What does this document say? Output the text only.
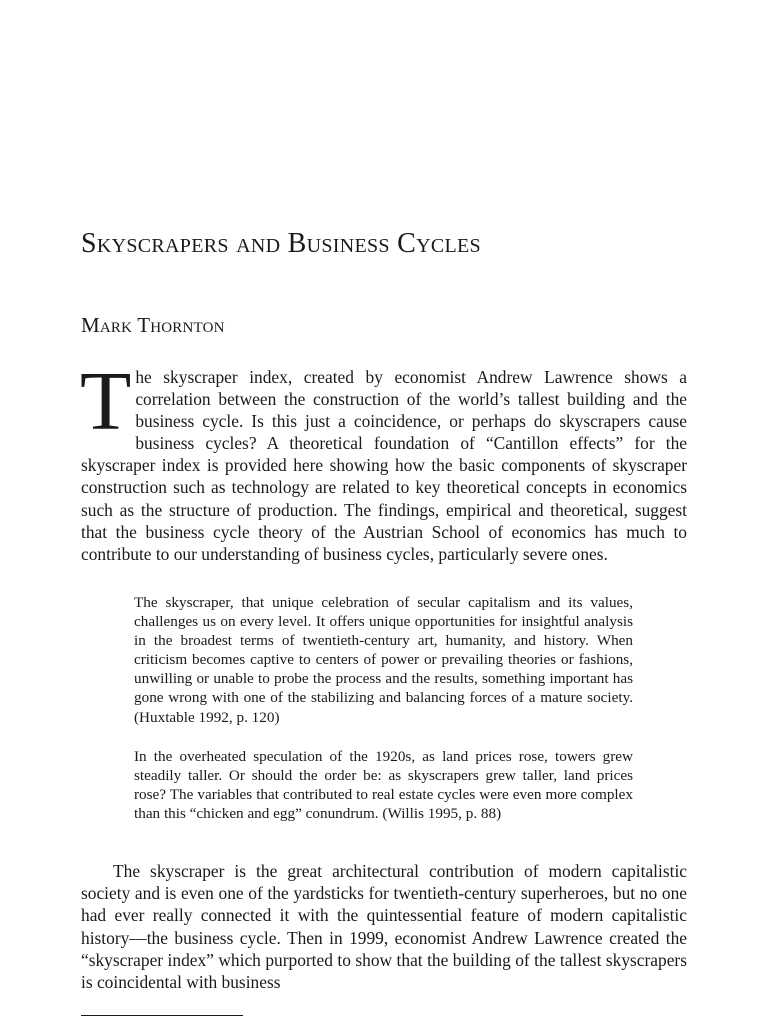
Skyscrapers and Business Cycles
Mark Thornton

The skyscraper index, created by economist Andrew Lawrence shows a correlation between the construction of the world’s tallest building and the business cycle. Is this just a coincidence, or perhaps do skyscrapers cause business cycles? A theoretical foundation of “Cantillon effects” for the skyscraper index is provided here showing how the basic components of skyscraper construction such as technology are related to key theoretical concepts in economics such as the structure of production. The findings, empirical and theoretical, suggest that the business cycle theory of the Austrian School of economics has much to contribute to our understanding of business cycles, particularly severe ones.

The skyscraper, that unique celebration of secular capitalism and its values, challenges us on every level. It offers unique opportunities for insightful analysis in the broadest terms of twentieth-century art, humanity, and history. When criticism becomes captive to centers of power or prevailing theories or fashions, unwilling or unable to probe the process and the results, something important has gone wrong with one of the stabilizing and balancing forces of a mature society. (Huxtable 1992, p. 120)

In the overheated speculation of the 1920s, as land prices rose, towers grew steadily taller. Or should the order be: as skyscrapers grew taller, land prices rose? The variables that contributed to real estate cycles were even more complex than this “chicken and egg” conundrum. (Willis 1995, p. 88)

The skyscraper is the great architectural contribution of modern capitalistic society and is even one of the yardsticks for twentieth-century superheroes, but no one had ever really connected it with the quintessential feature of modern capitalistic history—the business cycle. Then in 1999, economist Andrew Lawrence created the “skyscraper index” which purported to show that the building of the tallest skyscrapers is coincidental with business
